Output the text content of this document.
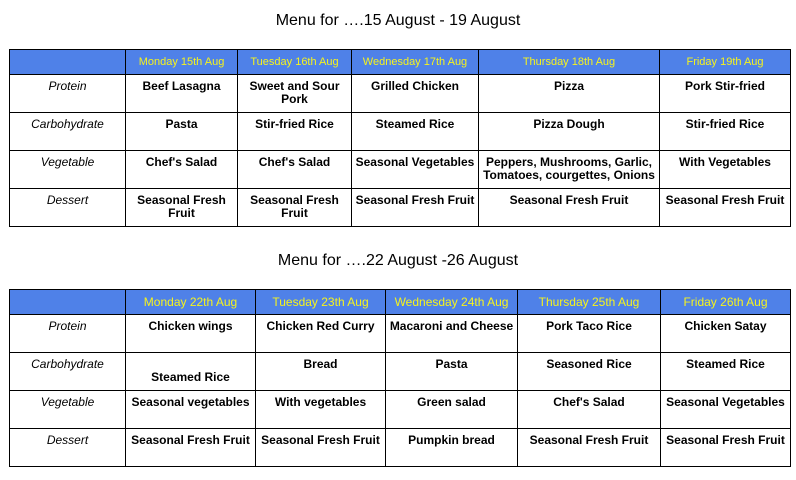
Menu for ….15 August - 19 August
	Monday 15th Aug	Tuesday 16th Aug	Wednesday 17th Aug	Thursday 18th Aug	Friday 19th Aug
Protein	Beef Lasagna	Sweet and Sour Pork	Grilled Chicken	Pizza	Pork Stir-fried
Carbohydrate	Pasta	Stir-fried Rice	Steamed Rice	Pizza Dough	Stir-fried Rice
Vegetable	Chef's Salad	Chef's Salad	Seasonal Vegetables	Peppers, Mushrooms, Garlic, Tomatoes, courgettes, Onions	With Vegetables
Dessert	Seasonal Fresh Fruit	Seasonal Fresh Fruit	Seasonal Fresh Fruit	Seasonal Fresh Fruit	Seasonal Fresh Fruit
Menu for ….22 August -26 August
	Monday 22th Aug	Tuesday 23th Aug	Wednesday 24th Aug	Thursday 25th Aug	Friday 26th Aug
Protein	Chicken wings	Chicken Red Curry	Macaroni and Cheese	Pork Taco Rice	Chicken Satay
Carbohydrate	Steamed Rice	Bread	Pasta	Seasoned Rice	Steamed Rice
Vegetable	Seasonal vegetables	With vegetables	Green salad	Chef's Salad	Seasonal Vegetables
Dessert	Seasonal Fresh Fruit	Seasonal Fresh Fruit	Pumpkin bread	Seasonal Fresh Fruit	Seasonal Fresh Fruit
